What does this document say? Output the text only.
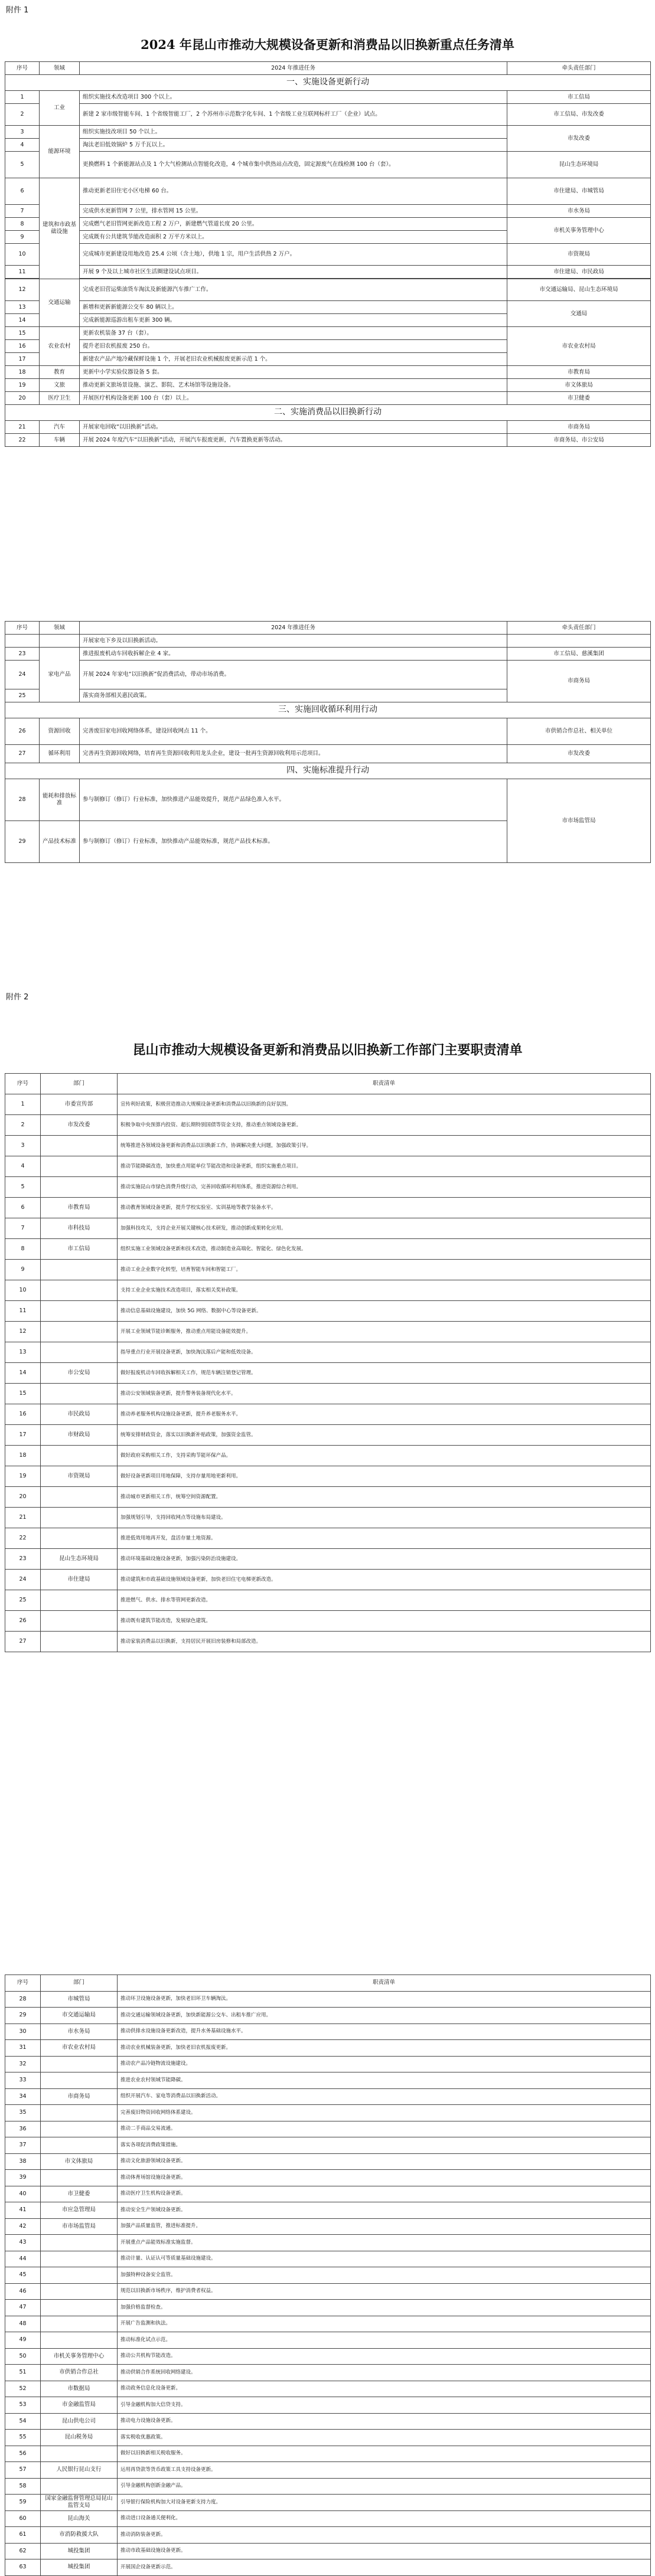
附件 1
2024 年昆山市推动大规模设备更新和消费品以旧换新重点任务清单
序号	领域	2024 年推进任务	牵头责任部门
一、实施设备更新行动			
1	工业	组织实施技术改造项目 300 个以上。	市工信局
2		新建 2 家市级智能车间、1 个省级智能工厂，2 个苏州市示范数字化车间、1 个省级工业互联网标杆工厂（企业）试点。	市工信局、市发改委
3	能源环境	组织实施技改项目 50 个以上。	市发改委
4		淘汰老旧低效锅炉 5 万千瓦以上。	
5		更换燃料 1 个新能源站点及 1 个大气检测站点智能化改造，4 个城市集中供热站点改造，固定源废气在线检测 100 台（套）。	昆山生态环境局
6	建筑和市政基础设施	推动更新老旧住宅小区电梯 60 台。	市住建局、市城管局
7		完成供水更新管网 7 公里，排水管网 15 公里。	市水务局
8		完成燃气老旧管网更新改造工程 2 万户，新建燃气管道长度 20 公里。	市机关事务管理中心
9		完成既有公共建筑节能改造面积 2 万平方米以上。	
10		完成城市更新建设用地改造 25.4 公顷（含土地），供地 1 宗，用户生活供热 2 万户。	市资规局
11		开展 9 个及以上城市社区生活圈建设试点项目。	市住建局、市民政局

12	交通运输	完成老旧营运柴油货车淘汰及新能源汽车推广工作。	市交通运输局、昆山生态环境局
13		新增和更新新能源公交车 80 辆以上。	交通局
14		完成新能源巡游出租车更新 300 辆。	
15	农业农村	更新农机装备 37 台（套）。	市农业农村局
16		提升老旧农机报废 250 台。	
17		新建农产品产地冷藏保鲜设施 1 个，开展老旧农业机械报废更新示范 1 个。	
18	教育	更新中小学实验仪器设备 5 套。	市教育局
19	文旅	推动更新文旅场景设施、演艺、影院、艺术场馆等设施设备。	市文体旅局
20	医疗卫生	开展医疗机构设备更新 100 台（套）以上。	市卫健委
二、实施消费品以旧换新行动			
21	汽车	开展家电回收“以旧换新”活动。	市商务局
22	车辆	开展 2024 年度汽车“以旧换新”活动，开展汽车报废更新，汽车置换更新等活动。	市商务局、市公安局
序号	领域	2024 年推进任务	牵头责任部门
		开展家电下乡及以旧换新活动。	
23	家电产品	推进报废机动车回收拆解企业 4 家。	市工信局、慈溪集团
24		开展 2024 年家电“以旧换新”促消费活动，带动市场消费。	市商务局
25		落实商务部相关惠民政策。	
三、实施回收循环利用行动			
26	资源回收	完善废旧家电回收网络体系，建设回收网点 11 个。	市供销合作总社、相关单位
27	循环利用	完善再生资源回收网络，培育再生资源回收利用龙头企业，建设一批再生资源回收利用示范项目。	市发改委
四、实施标准提升行动			
28	能耗和排放标准	参与制修订（修订）行业标准，加快推进产品能效提升，规范产品绿色准入水平。	市市场监管局
29	产品技术标准	参与制修订（修订）行业标准，加快推动产品能效标准，规范产品技术标准。	
附件 2
昆山市推动大规模设备更新和消费品以旧换新工作部门主要职责清单
序号	部门	职责清单
1	市委宣传部	宣传利好政策，积极营造推动大规模设备更新和消费品以旧换新的良好氛围。
2	市发改委	积极争取中央预算内投资、超长期特别国债等资金支持，推动重点领域设备更新。
3		统筹推进各领域设备更新和消费品以旧换新工作，协调解决重大问题，加强政策引导。
4		推动节能降碳改造，加快重点用能单位节能改造和设备更新，组织实施重点项目。
5		推动实施昆山市绿色消费升级行动，完善回收循环利用体系，推进资源综合利用。
6	市教育局	推动教育领域设备更新，提升学校实验室、实训基地等教学装备水平。
7	市科技局	加强科技攻关，支持企业开展关键核心技术研发，推动创新成果转化应用。
8	市工信局	组织实施工业领域设备更新和技术改造，推动制造业高端化、智能化、绿色化发展。
9		推动工业企业数字化转型，培育智能车间和智能工厂。
10		支持工业企业实施技术改造项目，落实相关奖补政策。
11		推动信息基础设施建设，加快 5G 网络、数据中心等设备更新。
12		开展工业领域节能诊断服务，推动重点用能设备能效提升。
13		指导重点行业开展设备更新，加快淘汰落后产能和低效设备。
14	市公安局	做好报废机动车回收拆解相关工作，规范车辆注销登记管理。
15		推动公安领域装备更新，提升警务装备现代化水平。
16	市民政局	推动养老服务机构设施设备更新，提升养老服务水平。
17	市财政局	统筹安排财政资金，落实以旧换新补贴政策，加强资金监管。
18		做好政府采购相关工作，支持采购节能环保产品。
19	市资规局	做好设备更新项目用地保障，支持存量用地更新利用。
20		推动城市更新相关工作，统筹空间资源配置。
21		加强规划引导，支持回收网点等设施布局建设。
22		推进低效用地再开发，盘活存量土地资源。
23	昆山生态环境局	推动环境基础设施设备更新，加强污染防治设施建设。
24	市住建局	推动建筑和市政基础设施领域设备更新，加快老旧住宅电梯更新改造。
25		推进燃气、供水、排水等管网更新改造。
26		推动既有建筑节能改造，发展绿色建筑。
27		推动家装消费品以旧换新，支持居民开展旧房装修和局部改造。
序号	部门	职责清单
28	市城管局	推动环卫设施设备更新，加快老旧环卫车辆淘汰。
29	市交通运输局	推动交通运输领域设备更新，加快新能源公交车、出租车推广应用。
30	市水务局	推动供排水设施设备更新改造，提升水务基础设施水平。
31	市农业农村局	推动农业机械装备更新，加快老旧农机报废更新。
32		推动农产品冷链物流设施建设。
33		推进农业农村领域节能降碳。
34	市商务局	组织开展汽车、家电等消费品以旧换新活动。
35		完善废旧物资回收网络体系建设。
36		推动二手商品交易流通。
37		落实各项促消费政策措施。
38	市文体旅局	推动文化旅游领域设备更新。
39		推动体育场馆设施设备更新。
40	市卫健委	推动医疗卫生机构设备更新。
41	市应急管理局	推动安全生产领域设备更新。
42	市市场监管局	加强产品质量监管，推进标准提升。
43		开展重点产品能效标准实施监督。
44		推动计量、认证认可等质量基础设施建设。
45		加强特种设备安全监管。
46		规范以旧换新市场秩序，维护消费者权益。
47		加强价格监督检查。
48		开展广告监测和执法。
49		推动标准化试点示范。
50	市机关事务管理中心	推动公共机构节能改造。
51	市供销合作总社	推动供销合作系统回收网络建设。
52	市数据局	推动政务信息化设备更新。
53	市金融监管局	引导金融机构加大信贷支持。
54	昆山供电公司	推动电力设施设备更新。
55	昆山税务局	落实税收优惠政策。
56		做好以旧换新相关税收服务。
57	人民银行昆山支行	运用再贷款等货币政策工具支持设备更新。
58		引导金融机构创新金融产品。
59	国家金融监督管理总局昆山监管支局	引导银行保险机构加大对设备更新支持力度。
60	昆山海关	推动进口设备通关便利化。
61	市消防救援大队	推动消防装备更新。
62	城投集团	推动市政基础设施设备更新。
63	城投集团	开展国企设备更新示范。
